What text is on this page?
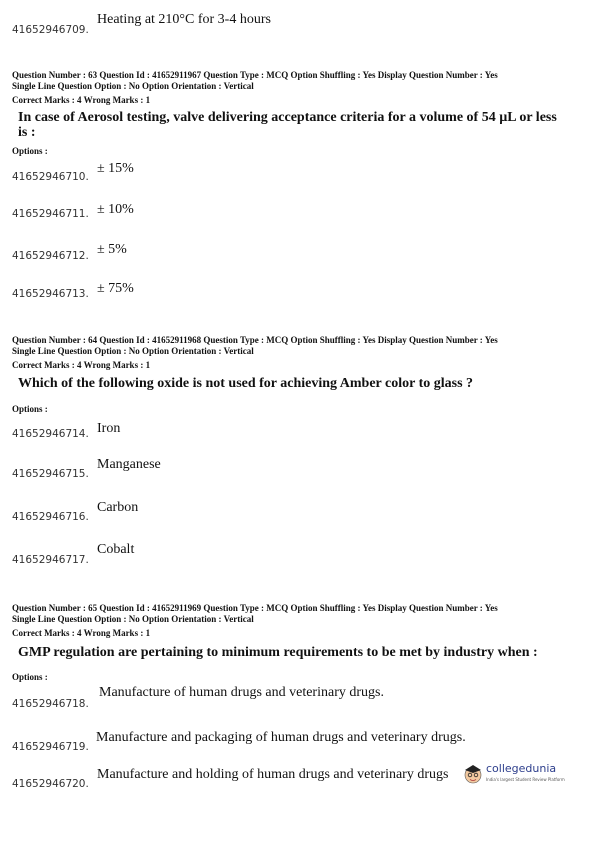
41652946709.
Heating at 210°C for 3-4 hours
Question Number : 63 Question Id : 41652911967 Question Type : MCQ Option Shuffling : Yes Display Question Number : Yes
Single Line Question Option : No Option Orientation : Vertical
Correct Marks : 4 Wrong Marks : 1
In case of Aerosol testing, valve delivering acceptance criteria for a volume of 54 µL or less is :
Options :
41652946710.
± 15%
41652946711. ± 10%
41652946712. ± 5%
41652946713. ± 75%
Question Number : 64 Question Id : 41652911968 Question Type : MCQ Option Shuffling : Yes Display Question Number : Yes
Single Line Question Option : No Option Orientation : Vertical
Correct Marks : 4 Wrong Marks : 1
Which of the following oxide is not used for achieving Amber color to glass ?
Options :
41652946714. Iron
41652946715.
Manganese
41652946716.
Carbon
41652946717.
Cobalt
Question Number : 65 Question Id : 41652911969 Question Type : MCQ Option Shuffling : Yes Display Question Number : Yes
Single Line Question Option : No Option Orientation : Vertical
Correct Marks : 4 Wrong Marks : 1
GMP regulation are pertaining to minimum requirements to be met by industry when :
Options :
41652946718.
Manufacture of human drugs and veterinary drugs.
41652946719.
Manufacture and packaging of human drugs and veterinary drugs.
41652946720.
Manufacture and holding of human drugs and veterinary drugs	collegedunia
India's largest Student Review Platform
